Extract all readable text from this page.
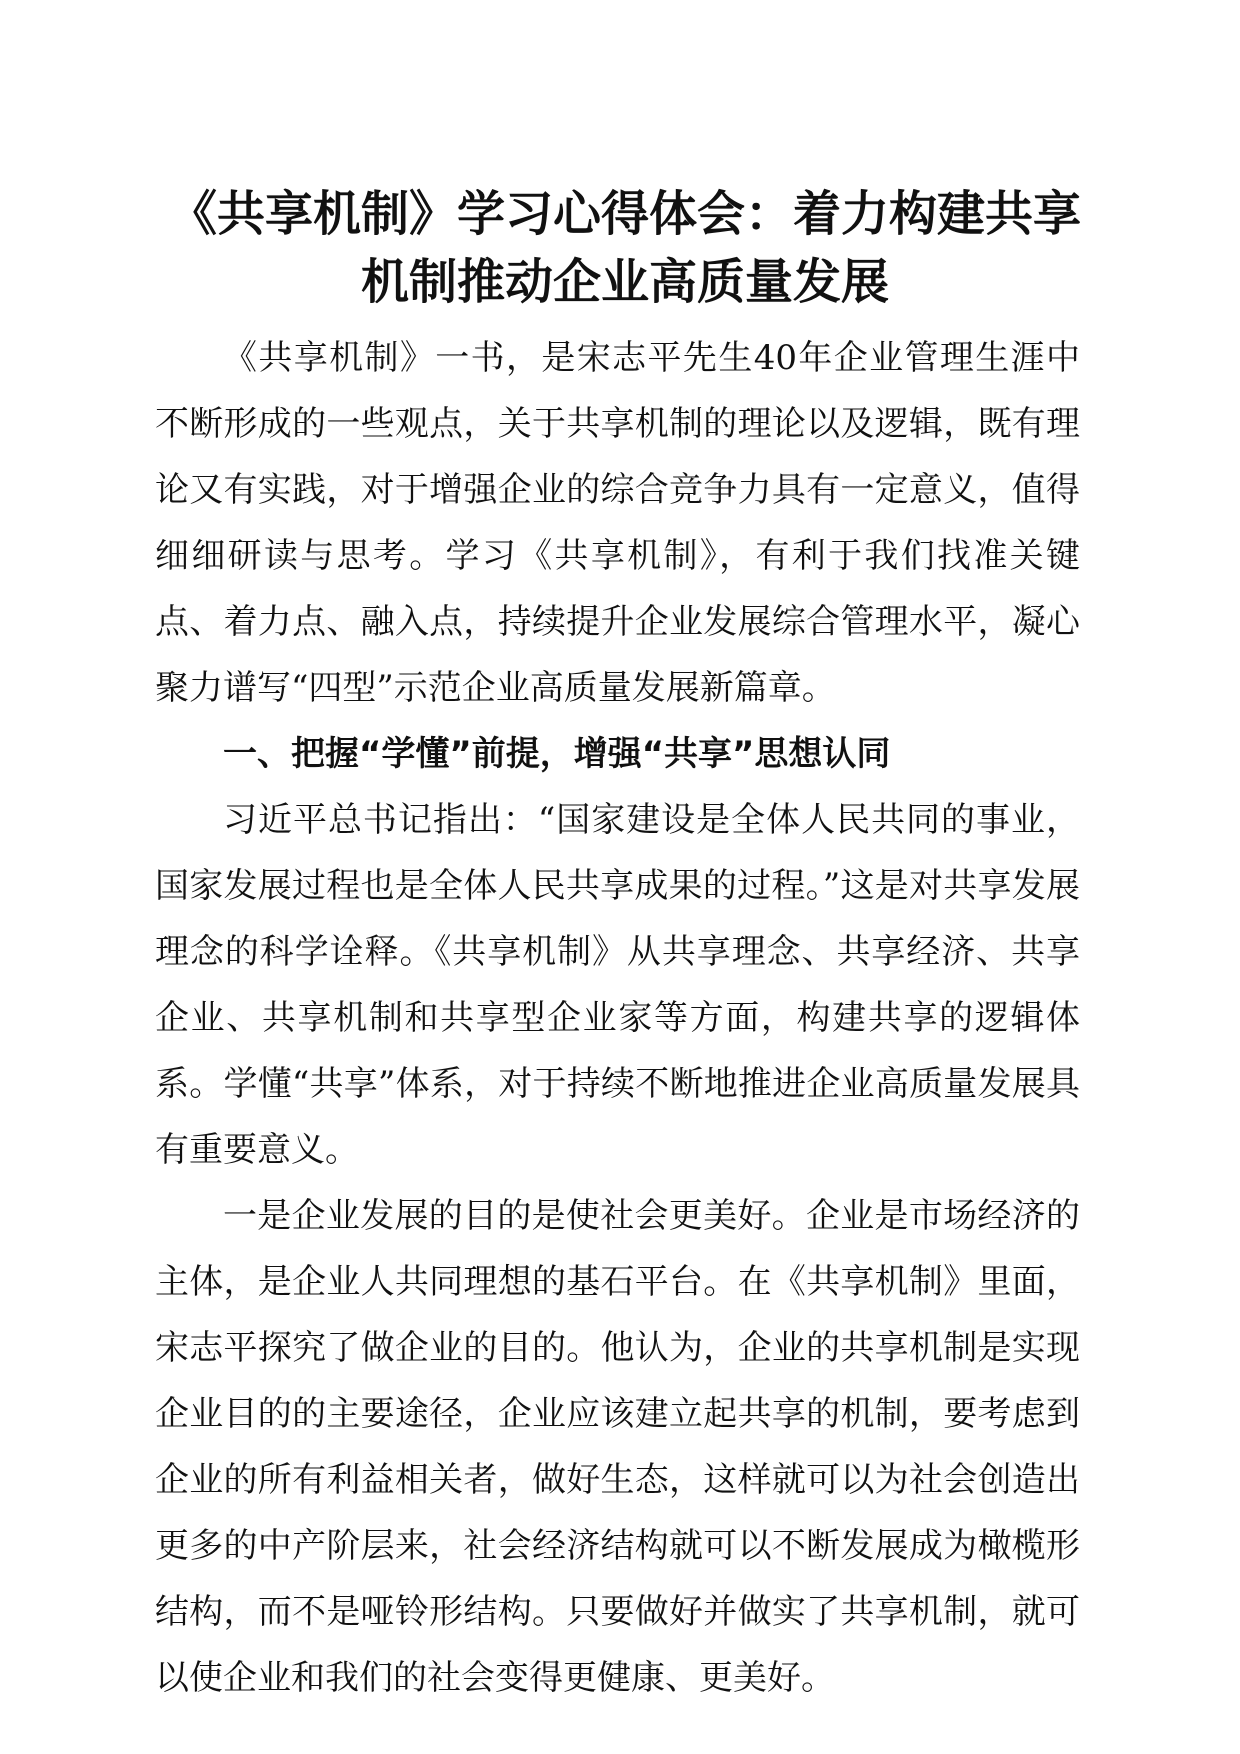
《共享机制》学习心得体会：着力构建共享机制推动企业高质量发展

《共享机制》一书，是宋志平先生40年企业管理生涯中不断形成的一些观点，关于共享机制的理论以及逻辑，既有理论又有实践，对于增强企业的综合竞争力具有一定意义，值得细细研读与思考。学习《共享机制》，有利于我们找准关键点、着力点、融入点，持续提升企业发展综合管理水平，凝心聚力谱写“四型”示范企业高质量发展新篇章。

一、把握“学懂”前提，增强“共享”思想认同

习近平总书记指出：“国家建设是全体人民共同的事业，国家发展过程也是全体人民共享成果的过程。”这是对共享发展理念的科学诠释。《共享机制》从共享理念、共享经济、共享企业、共享机制和共享型企业家等方面，构建共享的逻辑体系。学懂“共享”体系，对于持续不断地推进企业高质量发展具有重要意义。

一是企业发展的目的是使社会更美好。企业是市场经济的主体，是企业人共同理想的基石平台。在《共享机制》里面，宋志平探究了做企业的目的。他认为，企业的共享机制是实现企业目的的主要途径，企业应该建立起共享的机制，要考虑到企业的所有利益相关者，做好生态，这样就可以为社会创造出更多的中产阶层来，社会经济结构就可以不断发展成为橄榄形结构，而不是哑铃形结构。只要做好并做实了共享机制，就可以使企业和我们的社会变得更健康、更美好。
